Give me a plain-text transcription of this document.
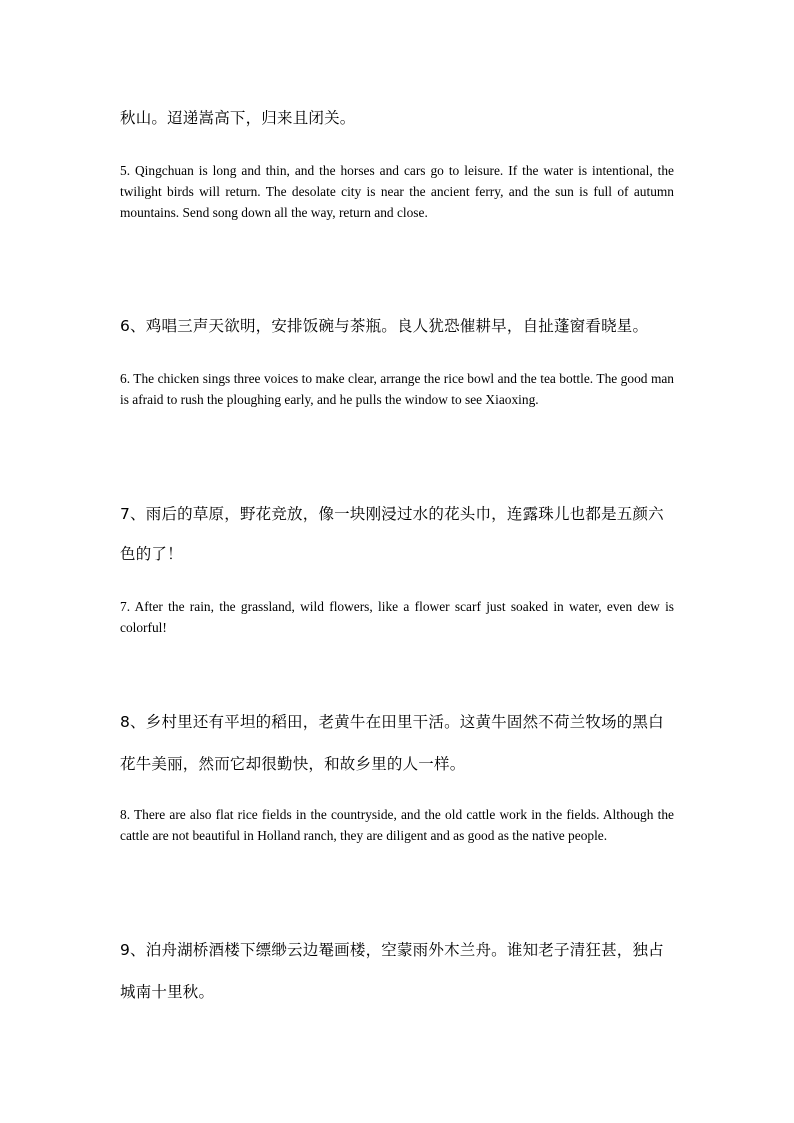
秋山。迢递嵩高下，归来且闭关。

5. Qingchuan is long and thin, and the horses and cars go to leisure. If the water is intentional, the twilight birds will return. The desolate city is near the ancient ferry, and the sun is full of autumn mountains. Send song down all the way, return and close.

6、鸡唱三声天欲明，安排饭碗与茶瓶。良人犹恐催耕早，自扯蓬窗看晓星。

6. The chicken sings three voices to make clear, arrange the rice bowl and the tea bottle. The good man is afraid to rush the ploughing early, and he pulls the window to see Xiaoxing.

7、雨后的草原，野花竞放，像一块刚浸过水的花头巾，连露珠儿也都是五颜六

色的了！

7. After the rain, the grassland, wild flowers, like a flower scarf just soaked in water, even dew is colorful!

8、乡村里还有平坦的稻田，老黄牛在田里干活。这黄牛固然不荷兰牧场的黑白

花牛美丽，然而它却很勤快，和故乡里的人一样。

8. There are also flat rice fields in the countryside, and the old cattle work in the fields. Although the cattle are not beautiful in Holland ranch, they are diligent and as good as the native people.

9、泊舟湖桥酒楼下缥缈云边罨画楼，空蒙雨外木兰舟。谁知老子清狂甚，独占

城南十里秋。
